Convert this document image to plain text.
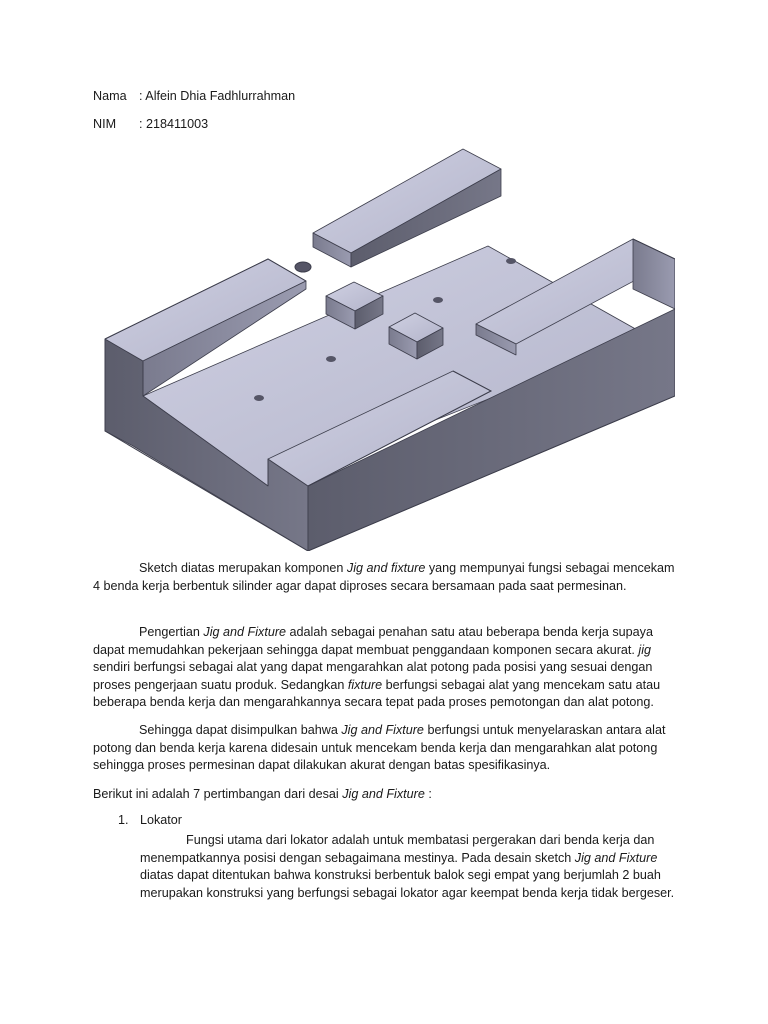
Nama : Alfein Dhia Fadhlurrahman
NIM : 218411003

Sketch diatas merupakan komponen Jig and fixture yang mempunyai fungsi sebagai mencekam 4 benda kerja berbentuk silinder agar dapat diproses secara bersamaan pada saat permesinan.

Pengertian Jig and Fixture adalah sebagai penahan satu atau beberapa benda kerja supaya dapat memudahkan pekerjaan sehingga dapat membuat penggandaan komponen secara akurat. jig sendiri berfungsi sebagai alat yang dapat mengarahkan alat potong pada posisi yang sesuai dengan proses pengerjaan suatu produk. Sedangkan fixture berfungsi sebagai alat yang mencekam satu atau beberapa benda kerja dan mengarahkannya secara tepat pada proses pemotongan dan alat potong.

Sehingga dapat disimpulkan bahwa Jig and Fixture berfungsi untuk menyelaraskan antara alat potong dan benda kerja karena didesain untuk mencekam benda kerja dan mengarahkan alat potong sehingga proses permesinan dapat dilakukan akurat dengan batas spesifikasinya.

Berikut ini adalah 7 pertimbangan dari desai Jig and Fixture :

1. Lokator

Fungsi utama dari lokator adalah untuk membatasi pergerakan dari benda kerja dan menempatkannya posisi dengan sebagaimana mestinya. Pada desain sketch Jig and Fixture diatas dapat ditentukan bahwa konstruksi berbentuk balok segi empat yang berjumlah 2 buah merupakan konstruksi yang berfungsi sebagai lokator agar keempat benda kerja tidak bergeser.
